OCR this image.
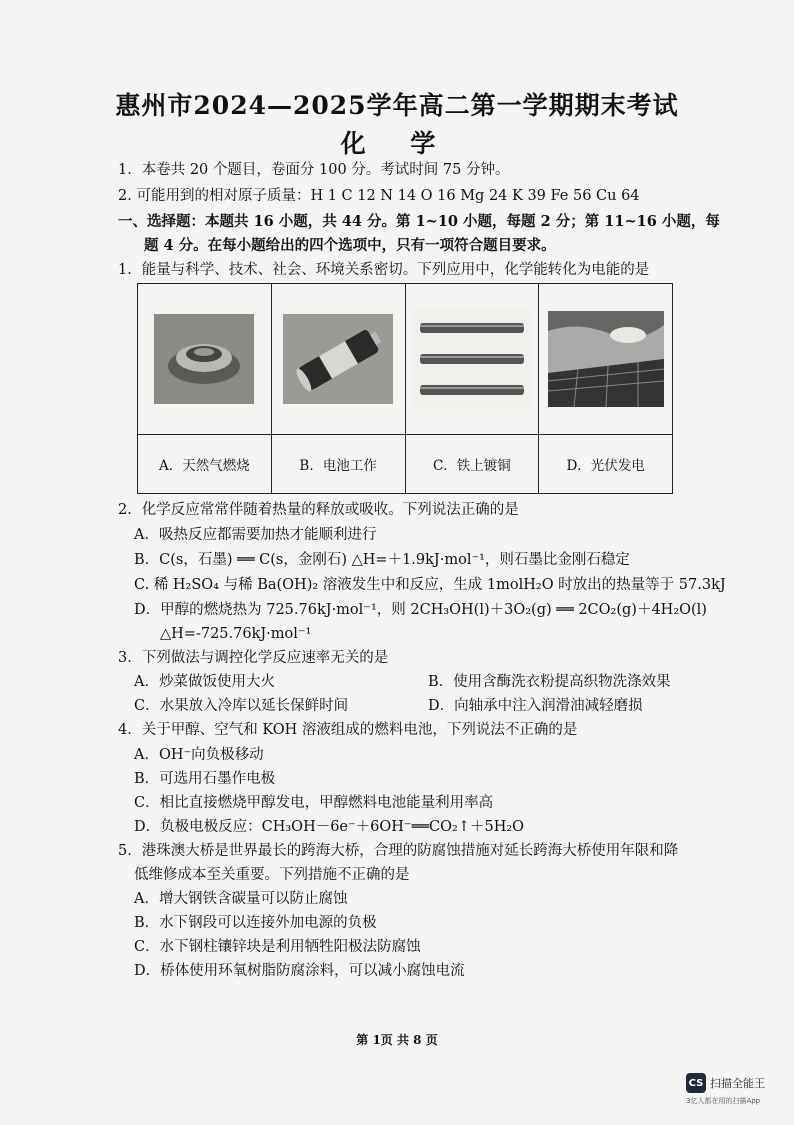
惠州市2024—2025学年高二第一学期期末考试
化 学
1．本卷共 20 个题目，卷面分 100 分。考试时间 75 分钟。
2. 可能用到的相对原子质量：H 1 C 12 N 14 O 16 Mg 24 K 39 Fe 56 Cu 64
一、选择题：本题共 16 小题，共 44 分。第 1~10 小题，每题 2 分；第 11~16 小题，每
题 4 分。在每小题给出的四个选项中，只有一项符合题目要求。
1．能量与科学、技术、社会、环境关系密切。下列应用中，化学能转化为电能的是
A．天然气燃烧	B．电池工作	C．铁上镀铜	D．光伏发电
2．化学反应常常伴随着热量的释放或吸收。下列说法正确的是
A．吸热反应都需要加热才能顺利进行
B．C(s，石墨) ══ C(s，金刚石) △H=＋1.9kJ·mol⁻¹，则石墨比金刚石稳定
C. 稀 H₂SO₄ 与稀 Ba(OH)₂ 溶液发生中和反应，生成 1molH₂O 时放出的热量等于 57.3kJ
D．甲醇的燃烧热为 725.76kJ·mol⁻¹，则 2CH₃OH(l)＋3O₂(g) ══ 2CO₂(g)＋4H₂O(l)
△H=-725.76kJ·mol⁻¹
3．下列做法与调控化学反应速率无关的是
A．炒菜做饭使用大火	B．使用含酶洗衣粉提高织物洗涤效果
C．水果放入冷库以延长保鲜时间	D．向轴承中注入润滑油减轻磨损
4．关于甲醇、空气和 KOH 溶液组成的燃料电池，下列说法不正确的是
A．OH⁻向负极移动
B．可选用石墨作电极
C．相比直接燃烧甲醇发电，甲醇燃料电池能量利用率高
D．负极电极反应：CH₃OH－6e⁻＋6OH⁻══CO₂↑＋5H₂O
5．港珠澳大桥是世界最长的跨海大桥，合理的防腐蚀措施对延长跨海大桥使用年限和降
低维修成本至关重要。下列措施不正确的是
A．增大钢铁含碳量可以防止腐蚀
B．水下钢段可以连接外加电源的负极
C．水下钢柱镶锌块是利用牺牲阳极法防腐蚀
D．桥体使用环氧树脂防腐涂料，可以减小腐蚀电流
第 1页 共 8 页
CS 扫描全能王
3亿人都在用的扫描App
